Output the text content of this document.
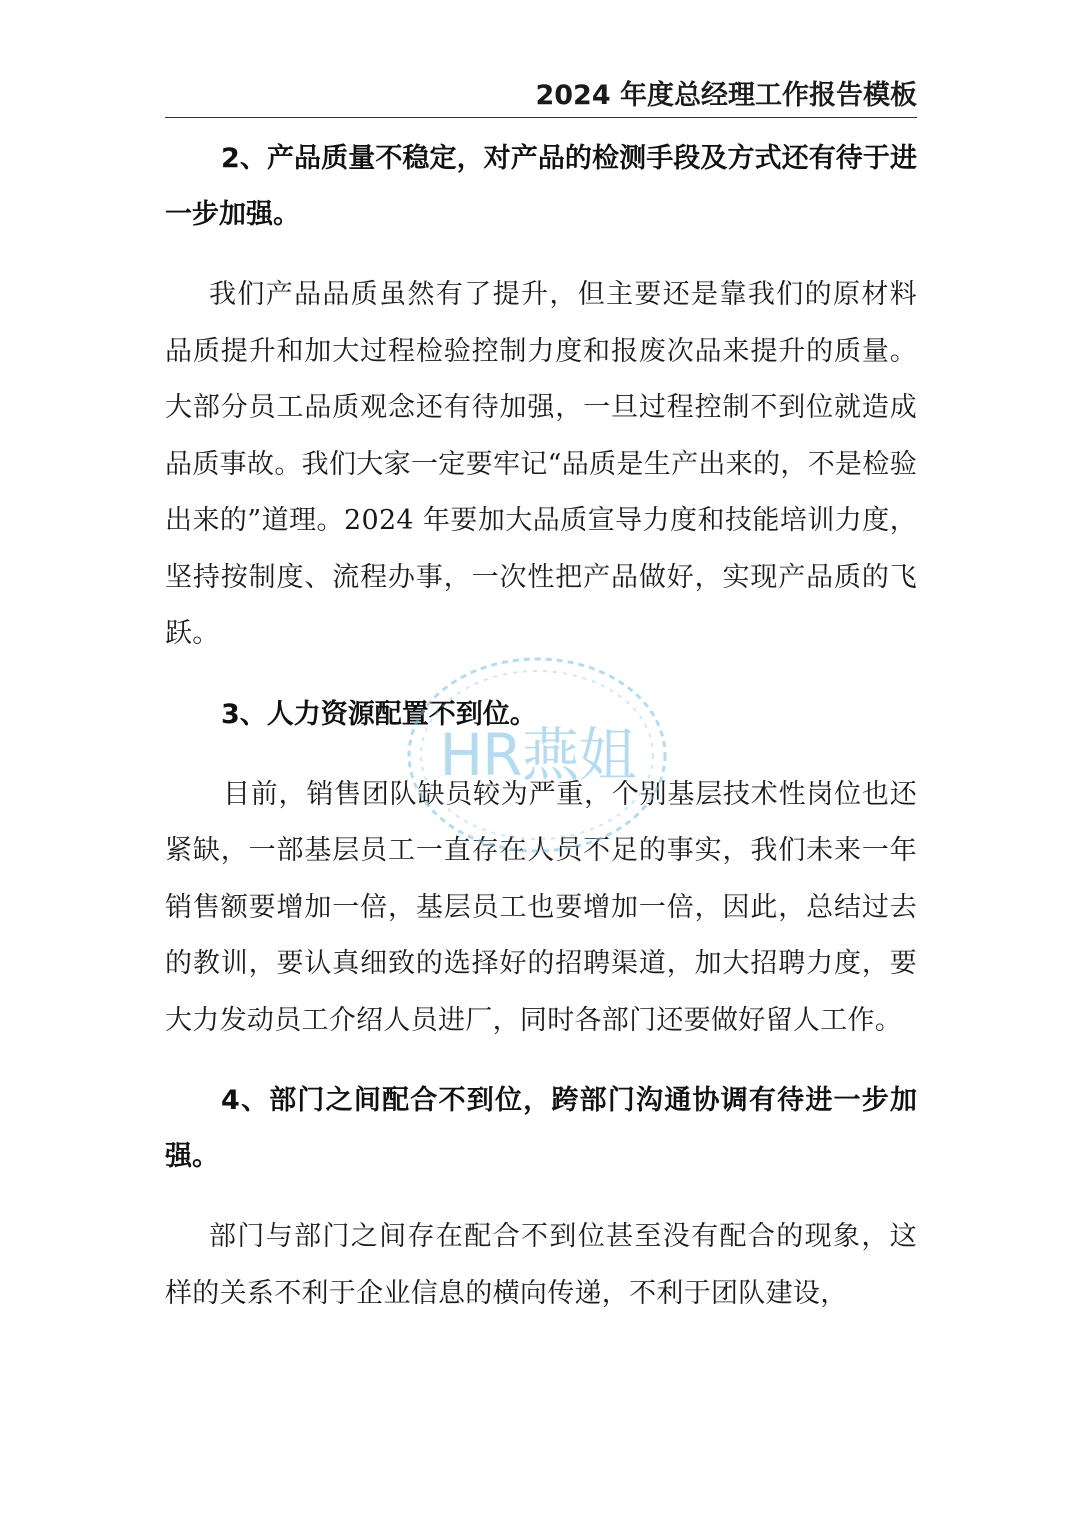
2024 年度总经理工作报告模板

2、产品质量不稳定，对产品的检测手段及方式还有待于进一步加强。

我们产品品质虽然有了提升，但主要还是靠我们的原材料品质提升和加大过程检验控制力度和报废次品来提升的质量。大部分员工品质观念还有待加强，一旦过程控制不到位就造成品质事故。我们大家一定要牢记“品质是生产出来的，不是检验出来的”道理。2024 年要加大品质宣导力度和技能培训力度，坚持按制度、流程办事，一次性把产品做好，实现产品质的飞跃。

3、人力资源配置不到位。

目前，销售团队缺员较为严重，个别基层技术性岗位也还紧缺，一部基层员工一直存在人员不足的事实，我们未来一年销售额要增加一倍，基层员工也要增加一倍，因此，总结过去的教训，要认真细致的选择好的招聘渠道，加大招聘力度，要大力发动员工介绍人员进厂，同时各部门还要做好留人工作。

4、部门之间配合不到位，跨部门沟通协调有待进一步加强。

部门与部门之间存在配合不到位甚至没有配合的现象，这样的关系不利于企业信息的横向传递，不利于团队建设，

HR燕姐
